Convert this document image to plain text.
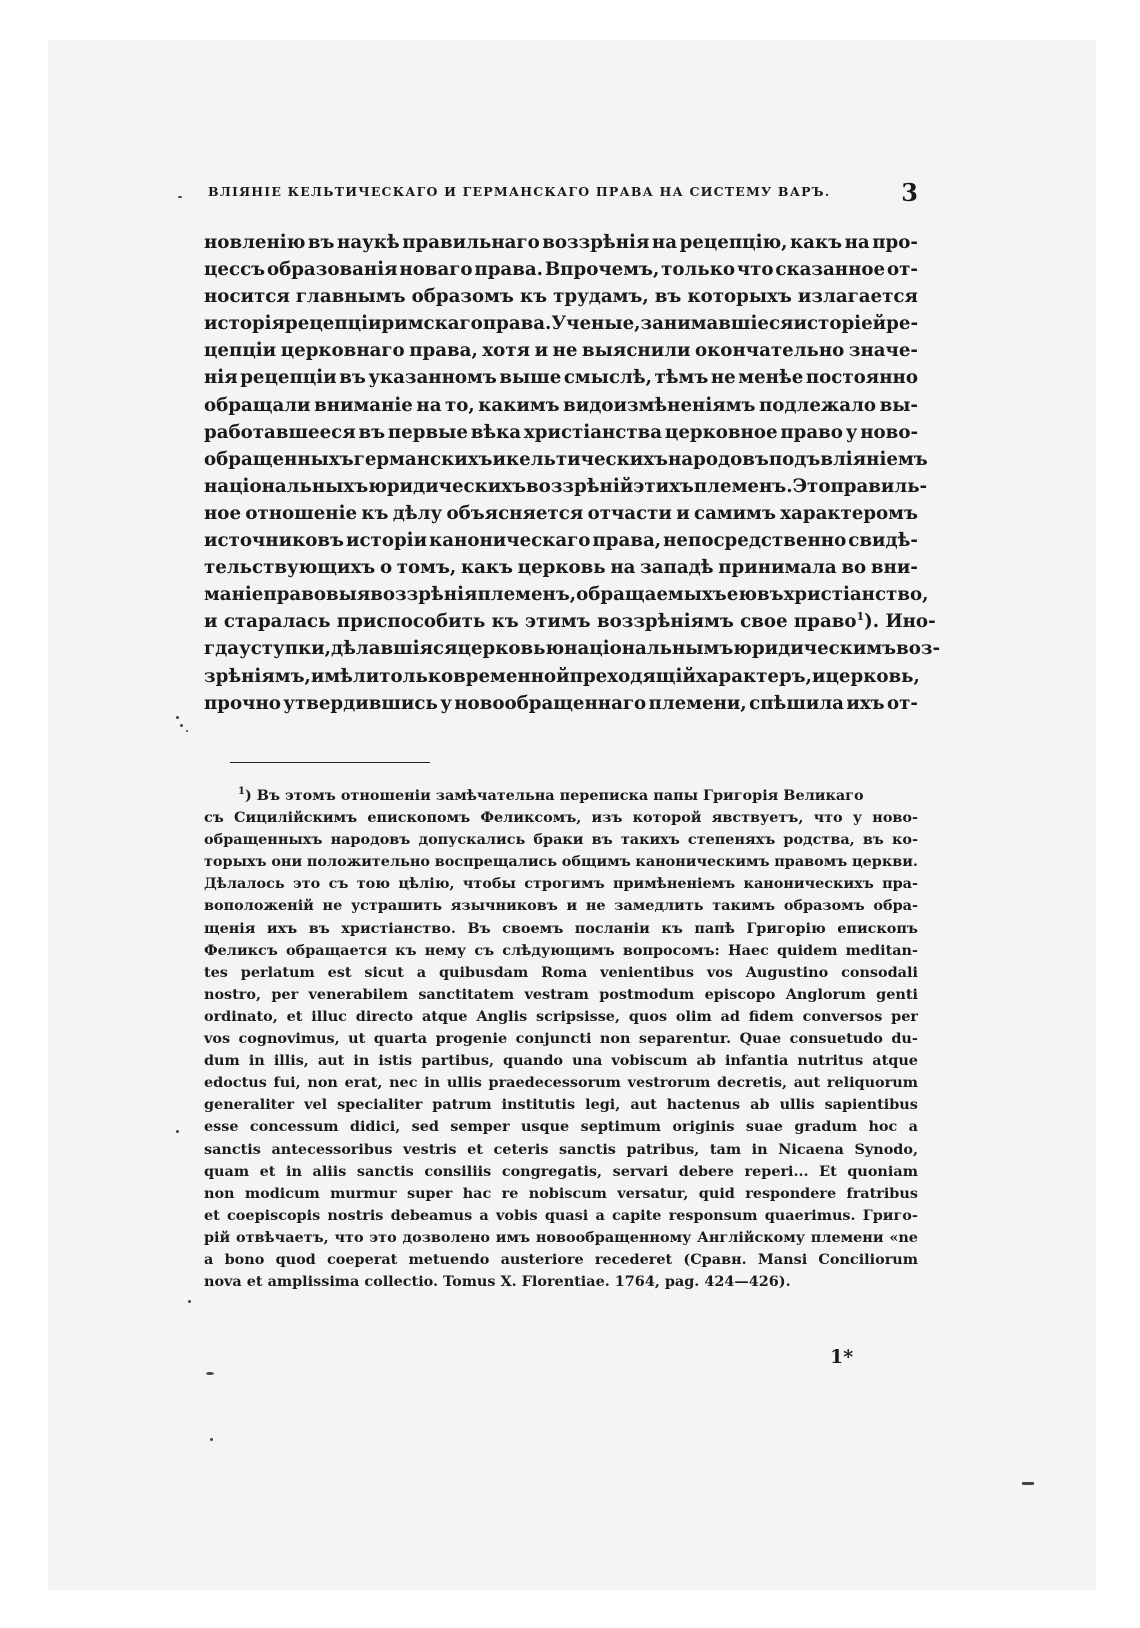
ВЛІЯНІЕ КЕЛЬТИЧЕСКАГО И ГЕРМАНСКАГО ПРАВА НА СИСТЕМУ ВАРЪ.	3
новленію въ наукѣ правильнаго воззрѣнія на рецепцію, какъ на про-
цессъ образованія новаго права. Впрочемъ, только что сказанное от-
носится главнымъ образомъ къ трудамъ, въ которыхъ излагается
исторія рецепціи римскаго права. Ученые, занимавшіеся исторіей ре-
цепціи церковнаго права, хотя и не выяснили окончательно значе-
нія рецепціи въ указанномъ выше смыслѣ, тѣмъ не менѣе постоянно
обращали вниманіе на то, какимъ видоизмѣненіямъ подлежало вы-
работавшееся въ первые вѣка христіанства церковное право у ново-
обращенныхъ германскихъ и кельтическихъ народовъ подъ вліяніемъ
національныхъ юридическихъ воззрѣній этихъ племенъ. Это правиль-
ное отношеніе къ дѣлу объясняется отчасти и самимъ характеромъ
источниковъ исторіи каноническаго права, непосредственно свидѣ-
тельствующихъ о томъ, какъ церковь на западѣ принимала во вни-
маніе правовыя воззрѣнія племенъ, обращаемыхъ ею въ христіанство,
и старалась приспособить къ этимъ воззрѣніямъ свое право $^1$). Ино-
гда уступки, дѣлавшіяся церковью національнымъ юридическимъ воз-
зрѣніямъ, имѣли только временной преходящій характеръ, и церковь,
прочно утвердившись у новообращеннаго племени, спѣшила ихъ от-
$^1$) Въ этомъ отношеніи замѣчательна переписка папы Григорія Великаго
съ Сицилійскимъ епископомъ Феликсомъ, изъ которой явствуетъ, что у ново-
обращенныхъ народовъ допускались браки въ такихъ степеняхъ родства, въ ко-
торыхъ они положительно воспрещались общимъ каноническимъ правомъ церкви.
Дѣлалось это съ тою цѣлію, чтобы строгимъ примѣненіемъ каноническихъ пра-
воположеній не устрашить язычниковъ и не замедлить такимъ образомъ обра-
щенія ихъ въ христіанство. Въ своемъ посланіи къ папѣ Григорію епископъ
Феликсъ обращается къ нему съ слѣдующимъ вопросомъ: Haec quidem meditan-
tes perlatum est sicut a quibusdam Roma venientibus vos Augustino consodali
nostro, per venerabilem sanctitatem vestram postmodum episcopo Anglorum genti
ordinato, et illuc directo atque Anglis scripsisse, quos olim ad fidem conversos per
vos cognovimus, ut quarta progenie conjuncti non separentur. Quae consuetudo du-
dum in illis, aut in istis partibus, quando una vobiscum ab infantia nutritus atque
edoctus fui, non erat, nec in ullis praedecessorum vestrorum decretis, aut reliquorum
generaliter vel specialiter patrum institutis legi, aut hactenus ab ullis sapientibus
esse concessum didici, sed semper usque septimum originis suae gradum hoc a
sanctis antecessoribus vestris et ceteris sanctis patribus, tam in Nicaena Synodo,
quam et in aliis sanctis consiliis congregatis, servari debere reperi... Et quoniam
non modicum murmur super hac re nobiscum versatur, quid respondere fratribus
et coepiscopis nostris debeamus a vobis quasi a capite responsum quaerimus. Григо-
рій отвѣчаетъ, что это дозволено имъ новообращенному Англійскому племени «ne
a bono quod coeperat metuendo austeriore recederet (Сравн. Mansi Conciliorum
nova et amplissima collectio. Tomus X. Florentiae. 1764, pag. 424—426).
1*
